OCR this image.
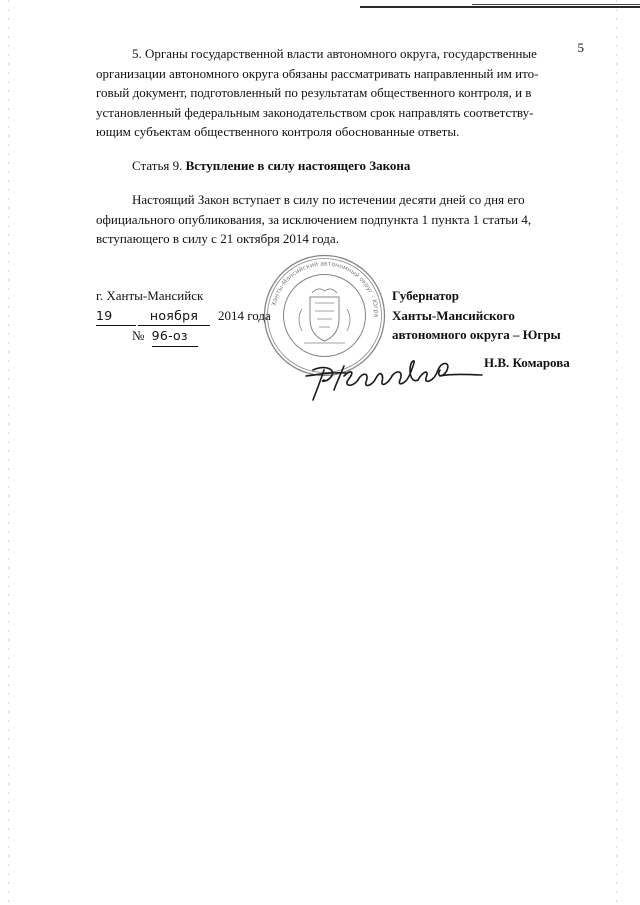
5

5. Органы государственной власти автономного округа, государственные

организации автономного округа обязаны рассматривать направленный им ито-

говый документ, подготовленный по результатам общественного контроля, и в

установленный федеральным законодательством срок направлять соответству-

ющим субъектам общественного контроля обоснованные ответы.

Статья 9. Вступление в силу настоящего Закона

Настоящий Закон вступает в силу по истечении десяти дней со дня его

официального опубликования, за исключением подпункта 1 пункта 1 статьи 4,

вступающего в силу с 21 октября 2014 года.

г. Ханты-Мансийск
19	ноября	2014 года
№ 96-оз
Ханты-Мансийский автономный округ - Югра
Губернатор
Ханты-Мансийского
автономного округа – Югры
Н.В. Комарова
